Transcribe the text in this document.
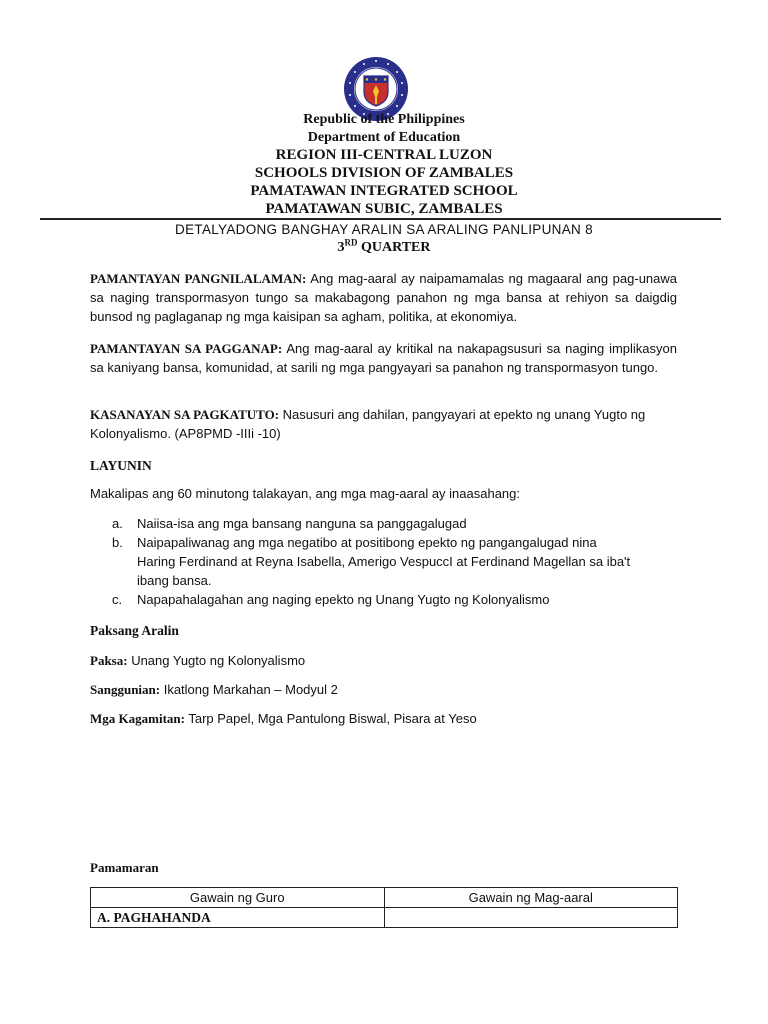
Republic of the Philippines
Department of Education
REGION III-CENTRAL LUZON
SCHOOLS DIVISION OF ZAMBALES
PAMATAWAN INTEGRATED SCHOOL
PAMATAWAN SUBIC, ZAMBALES
DETALYADONG BANGHAY ARALIN SA ARALING PANLIPUNAN 8
3RD QUARTER
PAMANTAYAN PANGNILALAMAN: Ang mag-aaral ay naipamamalas ng magaaral ang pag-unawa sa naging transpormasyon tungo sa makabagong panahon ng mga bansa at rehiyon sa daigdig bunsod ng paglaganap ng mga kaisipan sa agham, politika, at ekonomiya.
PAMANTAYAN SA PAGGANAP: Ang mag-aaral ay kritikal na nakapagsusuri sa naging implikasyon sa kaniyang bansa, komunidad, at sarili ng mga pangyayari sa panahon ng transpormasyon tungo.
KASANAYAN SA PAGKATUTO: Nasusuri ang dahilan, pangyayari at epekto ng unang Yugto ng Kolonyalismo. (AP8PMD -IIIi -10)
LAYUNIN
Makalipas ang 60 minutong talakayan, ang mga mag-aaral ay inaasahang:
a. Naiisa-isa ang mga bansang nanguna sa panggagalugad
b. Naipapaliwanag ang mga negatibo at positibong epekto ng pangangalugad nina Haring Ferdinand at Reyna Isabella, Amerigo VespuccI at Ferdinand Magellan sa iba't ibang bansa.
c. Napapahalagahan ang naging epekto ng Unang Yugto ng Kolonyalismo
Paksang Aralin
Paksa: Unang Yugto ng Kolonyalismo
Sanggunian: Ikatlong Markahan – Modyul 2
Mga Kagamitan: Tarp Papel, Mga Pantulong Biswal, Pisara at Yeso
Pamamaran
Gawain ng Guro	Gawain ng Mag-aaral
A. PAGHAHANDA	
